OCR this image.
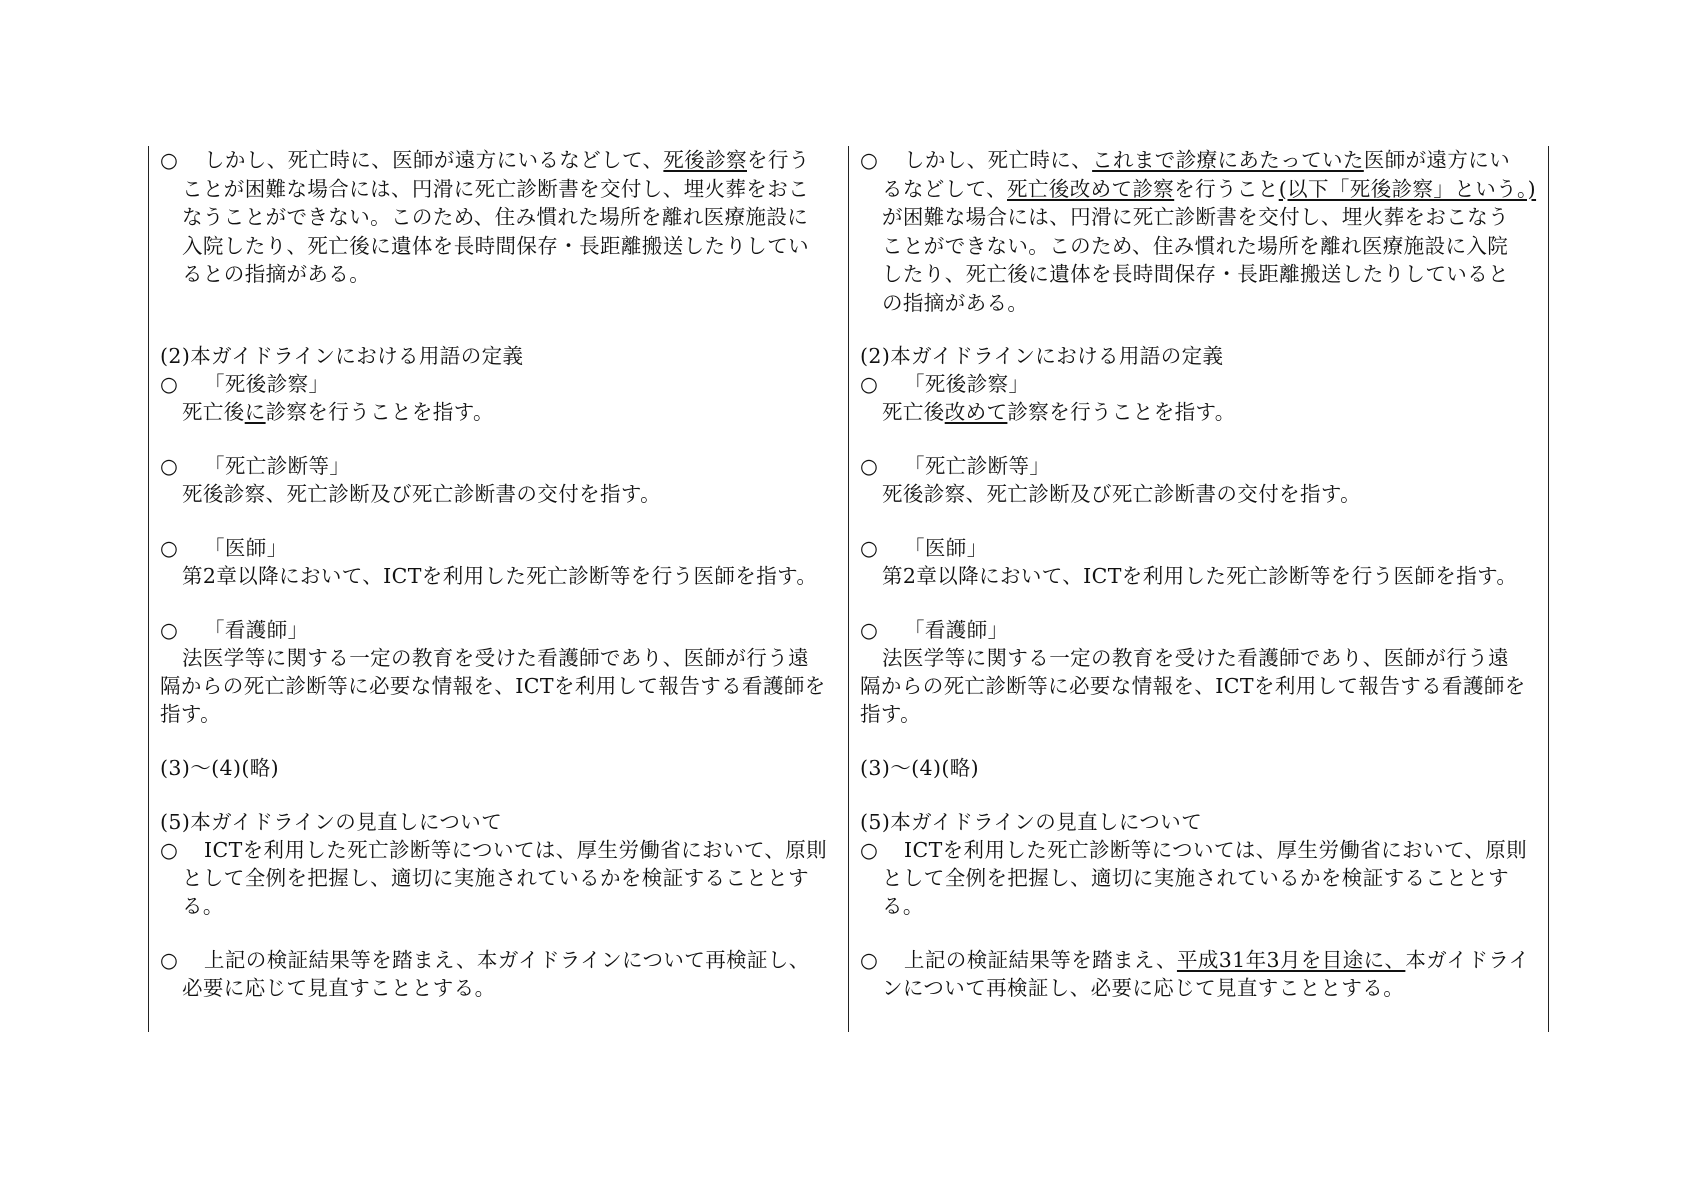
○ しかし、死亡時に、医師が遠方にいるなどして、死後診察を行う
ことが困難な場合には、円滑に死亡診断書を交付し、埋火葬をおこ
なうことができない。このため、住み慣れた場所を離れ医療施設に
入院したり、死亡後に遺体を長時間保存・長距離搬送したりしてい
るとの指摘がある。
(2)本ガイドラインにおける用語の定義
○ 「死後診察」
死亡後に診察を行うことを指す。
○ 「死亡診断等」
死後診察、死亡診断及び死亡診断書の交付を指す。
○ 「医師」
第2章以降において、ICTを利用した死亡診断等を行う医師を指す。
○ 「看護師」
法医学等に関する一定の教育を受けた看護師であり、医師が行う遠
隔からの死亡診断等に必要な情報を、ICTを利用して報告する看護師を
指す。
(3)～(4)(略)
(5)本ガイドラインの見直しについて
○ ICTを利用した死亡診断等については、厚生労働省において、原則
として全例を把握し、適切に実施されているかを検証することとす
る。
○ 上記の検証結果等を踏まえ、本ガイドラインについて再検証し、
必要に応じて見直すこととする。
○ しかし、死亡時に、これまで診療にあたっていた医師が遠方にい
るなどして、死亡後改めて診察を行うこと(以下「死後診察」という。)
が困難な場合には、円滑に死亡診断書を交付し、埋火葬をおこなう
ことができない。このため、住み慣れた場所を離れ医療施設に入院
したり、死亡後に遺体を長時間保存・長距離搬送したりしていると
の指摘がある。
(2)本ガイドラインにおける用語の定義
○ 「死後診察」
死亡後改めて診察を行うことを指す。
○ 「死亡診断等」
死後診察、死亡診断及び死亡診断書の交付を指す。
○ 「医師」
第2章以降において、ICTを利用した死亡診断等を行う医師を指す。
○ 「看護師」
法医学等に関する一定の教育を受けた看護師であり、医師が行う遠
隔からの死亡診断等に必要な情報を、ICTを利用して報告する看護師を
指す。
(3)～(4)(略)
(5)本ガイドラインの見直しについて
○ ICTを利用した死亡診断等については、厚生労働省において、原則
として全例を把握し、適切に実施されているかを検証することとす
る。
○ 上記の検証結果等を踏まえ、平成31年3月を目途に、本ガイドライ
ンについて再検証し、必要に応じて見直すこととする。
